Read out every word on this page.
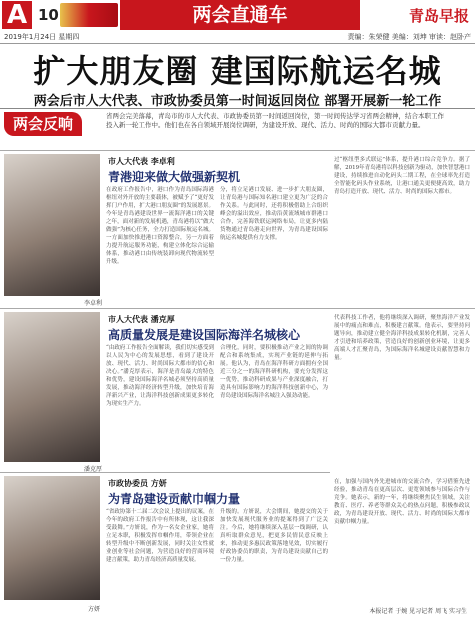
A 10	两会直通车	青岛早报
2019年1月24日 星期四	责编：朱荣健 美编：刘坤 审读：赵卧产
扩大朋友圈 建国际航运名城
两会后市人大代表、市政协委员第一时间返回岗位 部署开展新一轮工作
两会反响	省两会完美落幕，青岛市的市人大代表、市政协委员第一时间返回岗位，第一时间传达学习省两会精神，结合本职工作投入新一轮工作中。他们也在各自领域开展岗位调研，为建设开放、现代、活力、时尚的国际大都市贡献力量。
市人大代表 李卓利
青港迎来做大做强新契机
李卓利
在政府工作报告中，港口作为青岛国际海港枢纽对外开放的主要载体，被赋予了“更好发挥门户作用，扩大港口朋友圈”的发展愿景。今年是青岛港建设世界一流海洋港口的关键之年，面对新的发展机遇，青岛港将以“做大做强”为核心任务，全力打造国际航运名城。一方面加快推进港口资源整合，另一方面着力提升航运服务功能，构建立体化综合运输体系，推动港口由传统装卸向现代物流转型升级。
分，将立足港口发展、进一步扩大朋友圈，让青岛港与国际知名港口建立更为广泛的合作关系。与此同时，还将积极借助上合组织峰会的溢出效应，推动沿黄流域城市群港口合作，完善海铁联运网络布局，让更多内陆货物通过青岛港走向世界，为青岛建设国际航运名城提供有力支撑。
过“枢纽型多式联运”体系，提升港口综合竞争力。据了解，2019年青岛港将以科技创新为驱动，加快智慧港口建设，持续推进自动化码头二期工程，在全球率先打造全智能化码头作业系统，让港口通关更便捷高效，助力青岛打造开放、现代、活力、时尚的国际大都市。
市人大代表 潘克厚
高质量发展是建设国际海洋名城核心
潘克厚
“由政府工作报告全面解读，我们切实感受到以人民为中心的发展思想，看到了建设开放、现代、活力、时尚国际大都市的信心和决心。”潘克厚表示，海洋是青岛最大的特色和优势，建设国际海洋名城必须坚持高质量发展，推动海洋经济转型升级，加快培育海洋新兴产业，让海洋科技创新成果更多转化为现实生产力。
合理化，同时，要积极推动产业之间的协调配合和系统集成，实现产业链的延伸与拓展。他认为，青岛在海洋科研方面拥有全国近三分之一的海洋科研机构，要充分发挥这一优势，推动科研成果与产业深度融合，打造具有国际影响力的海洋科技创新中心，为青岛建设国际海洋名城注入强劲动能。
代表科技工作者，他将继续深入调研，聚焦海洋产业发展中的痛点和难点，积极建言献策。他表示，要坚持问题导向，推动建立健全海洋科技成果转化机制，完善人才引进和培养政策，营造良好的创新创业环境，让更多高端人才汇聚青岛，为国际海洋名城建设贡献智慧和力量。
市政协委员 方妍
为青岛建设贡献巾帼力量
方妍
“省政协第十二届二次会议上提出的议案，在今年的政府工作报告中有所体现，这让我深受鼓舞。”方妍说，作为一名女企业家，她将立足本职，积极发挥巾帼作用，带领企业在转型升级中不断创新发展，同时关注女性就业创业等社会问题，为营造良好的营商环境建言献策，助力青岛经济高质量发展。
升级的。方妍说，大会期间，她提交的关于加快发展现代服务业的提案得到了广泛关注。今后，她将继续深入基层一线调研，认真听取群众意见，把更多民情民意反映上来，推动更多惠民政策落地见效，切实履行好政协委员的职责，为青岛建设贡献自己的一份力量。
在，加强与国内外先进城市的交流合作，学习借鉴先进经验，推动青岛在更高层次、更宽领域参与国际合作与竞争。她表示，新的一年，将继续聚焦民生领域，关注教育、医疗、养老等群众关心的热点问题，积极参政议政，为青岛建设开放、现代、活力、时尚的国际大都市贡献巾帼力量。
本报记者 于婉 见习记者 周飞 实习生
